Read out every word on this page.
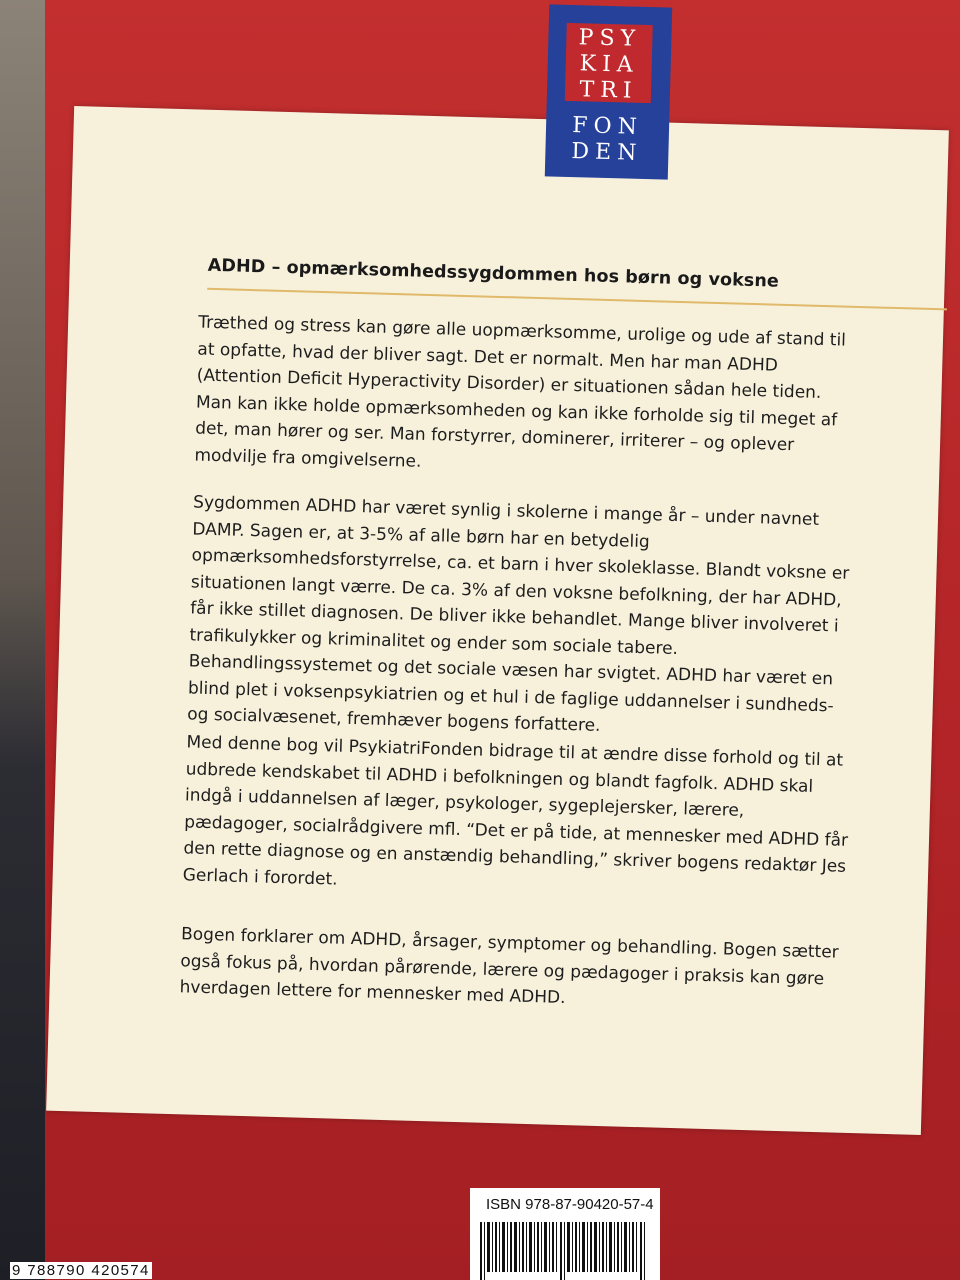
ADHD – opmærksomhedssygdommen hos børn og voksne

Træthed og stress kan gøre alle uopmærksomme, urolige og ude af stand til at opfatte, hvad der bliver sagt. Det er normalt. Men har man ADHD (Attention Deficit Hyperactivity Disorder) er situationen sådan hele tiden. Man kan ikke holde opmærksomheden og kan ikke forholde sig til meget af det, man hører og ser. Man forstyrrer, dominerer, irriterer – og oplever modvilje fra omgivelserne.

Sygdommen ADHD har været synlig i skolerne i mange år – under navnet DAMP. Sagen er, at 3-5% af alle børn har en betydelig opmærksomhedsforstyrrelse, ca. et barn i hver skoleklasse. Blandt voksne er situationen langt værre. De ca. 3% af den voksne befolkning, der har ADHD, får ikke stillet diagnosen. De bliver ikke behandlet. Mange bliver involveret i trafikulykker og kriminalitet og ender som sociale tabere. Behandlingssystemet og det sociale væsen har svigtet. ADHD har været en blind plet i voksenpsykiatrien og et hul i de faglige uddannelser i sundheds- og socialvæsenet, fremhæver bogens forfattere.

Med denne bog vil PsykiatriFonden bidrage til at ændre disse forhold og til at udbrede kendskabet til ADHD i befolkningen og blandt fagfolk. ADHD skal indgå i uddannelsen af læger, psykologer, sygeplejersker, lærere, pædagoger, socialrådgivere mfl. “Det er på tide, at mennesker med ADHD får den rette diagnose og en anstændig behandling,” skriver bogens redaktør Jes Gerlach i forordet.

Bogen forklarer om ADHD, årsager, symptomer og behandling. Bogen sætter også fokus på, hvordan pårørende, lærere og pædagoger i praksis kan gøre hverdagen lettere for mennesker med ADHD.

PSY
KIA
TRI
FON
DEN

ISBN 978-87-90420-57-4

9 788790 420574
